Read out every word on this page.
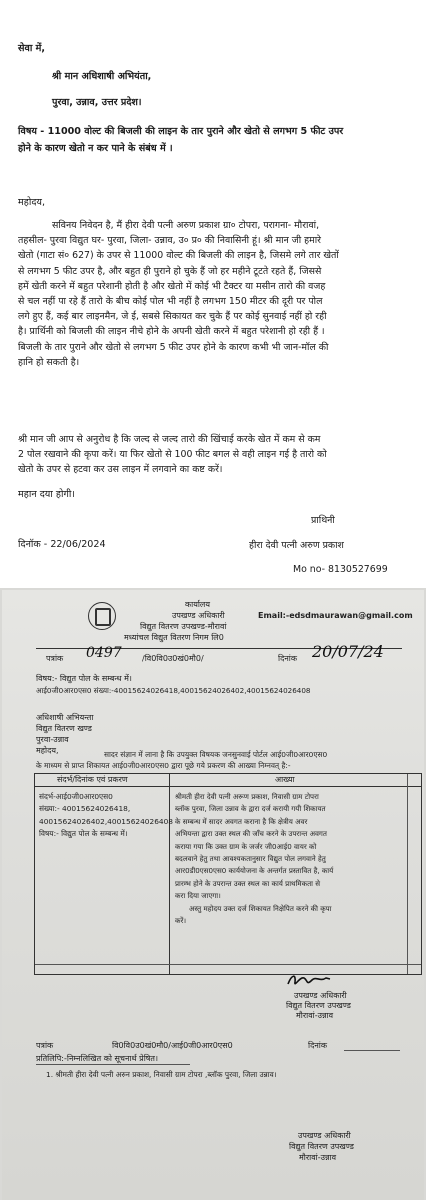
सेवा में,
श्री मान अधिशाषी अभियंता,
पुरवा, उन्नाव, उत्तर प्रदेश।
विषय - 11000 वोल्ट की बिजली की लाइन के तार पुराने और खेतो से लगभग 5 फीट उपर
होने के कारण खेतो न कर पाने के संबंध में ।
महोदय,
सविनय निवेदन है, मैं हीरा देवी पत्नी अरुण प्रकाश ग्रा० टोपरा, परागना- मौरावां,
तहसील- पुरवा विद्युत घर- पुरवा, जिला- उन्नाव, उ० प्र० की निवासिनी हूं। श्री मान जी हमारे
खेतो (गाटा सं० 627) के उपर से 11000 वोल्ट की बिजली की लाइन है, जिसमे लगे तार खेतों
से लगभग 5 फीट उपर है, और बहुत ही पुराने हो चुके हैं जो हर महीने टूटते रहते हैं, जिससे
हमें खेती करने में बहुत परेशानी होती है और खेतो में कोई भी टैक्टर या मसीन तारो की वजह
से चल नहीं पा रहे हैं तारो के बीच कोई पोल भी नहीं है लगभग 150 मीटर की दूरी पर पोल
लगे हुए हैं, कई बार लाइनमैन, जे ई, सबसे सिकायत कर चुके हैं पर कोई सुनवाई नहीं हो रही
है। प्रार्थिनी को बिजली की लाइन नीचे होने के अपनी खेती करने में बहुत परेशानी हो रही हैं ।
बिजली के तार पुराने और खेतो से लगभग 5 फीट उपर होने के कारण कभी भी जान-मॉल की
हानि हो सकती है।
श्री मान जी आप से अनुरोध है कि जल्द से जल्द तारो की खिंचाई करके खेत में कम से कम
2 पोल रखवाने की कृपा करें। या फिर खेतो से 100 फीट बगल से वही लाइन गई है तारो को
खेतो के उपर से हटवा कर उस लाइन में लगवाने का कष्ट करें।
महान दया होगी।
प्राथिनी
दिनॉक - 22/06/2024	हीरा देवी पत्नी अरुण प्रकाश
Mo no- 8130527699
कार्यालय
उपखण्ड अधिकारी	Email:-edsdmaurawan@gmail.com
विद्युत वितरण उपखण्ड-मौरावां
मध्यांचल विद्युत वितरण निगम लि0
पत्रांक 0497	/वि0वि0उ0खं0मौ0/	दिनांक 20/07/24
विषय:- विद्युत पोल के सम्बन्ध में।
आई0जी0आर0एस0 संख्या:-40015624026418,40015624026402,40015624026408
अधिशाषी अभियन्ता
विद्युत वितरण खण्ड
पुरवा-उन्नाव
महोदय,	सादर संज्ञान में लाना है कि उपयुक्त विषयक जनसुनवाई पोर्टल आई0जी0आर0एस0
के माध्यम से प्राप्त शिकायत आई0जी0आर0एस0 द्वारा पूछे गये प्रकरण की आख्या निम्नवत् है:-
संदर्भ/दिनांक एवं प्रकरण	आख्या
संदर्भ-आई0जी0आर0एस0
संख्या:- 40015624026418,
40015624026402,40015624026408
विषय:- विद्युत पोल के सम्बन्ध में।
श्रीमती हीरा देवी पत्नी अरूण प्रकाश, निवासी ग्राम टोपरा
ब्लॉक पुरवा, जिला उन्नाव के द्वारा दर्ज करायी गयी शिकायत
के सम्बन्ध में सादर अवगत कराना है कि क्षेत्रीय अवर
अभियन्ता द्वारा उक्त स्थल की जाँच करने के उपरान्त अवगत
कराया गया कि उक्त ग्राम के जर्जर जी0आई0 वायर को
बदलवाने हेतु तथा आवश्यकतानुसार विद्युत पोल लगवाने हेतु
आर0डी0एस0एस0 कार्ययोजना के अन्तर्गत प्रस्तावित है, कार्य
प्रारम्भ होने के उपरान्त उक्त स्थल का कार्य प्राथमिकता से
करा दिया जाएगा।
अस्तु महोदय उक्त दर्ज शिकायत निक्षेपित करने की कृपा
करें।
उपखण्ड अधिकारी
विद्युत वितरण उपखण्ड
मौरावां-उन्नाव
पत्रांक	वि0वि0उ0खं0मौ0/आई0जी0आर0एस0	दिनांक
प्रतिलिपि:-निम्नलिखित को सूचनार्थ प्रेषित।
1. श्रीमती हीरा देवी पत्नी अरुन प्रकाश, निवासी ग्राम टोपरा ,ब्लॉक पुरवा, जिला उन्नाव।
उपखण्ड अधिकारी
विद्युत वितरण उपखण्ड
मौरावां-उन्नाव
